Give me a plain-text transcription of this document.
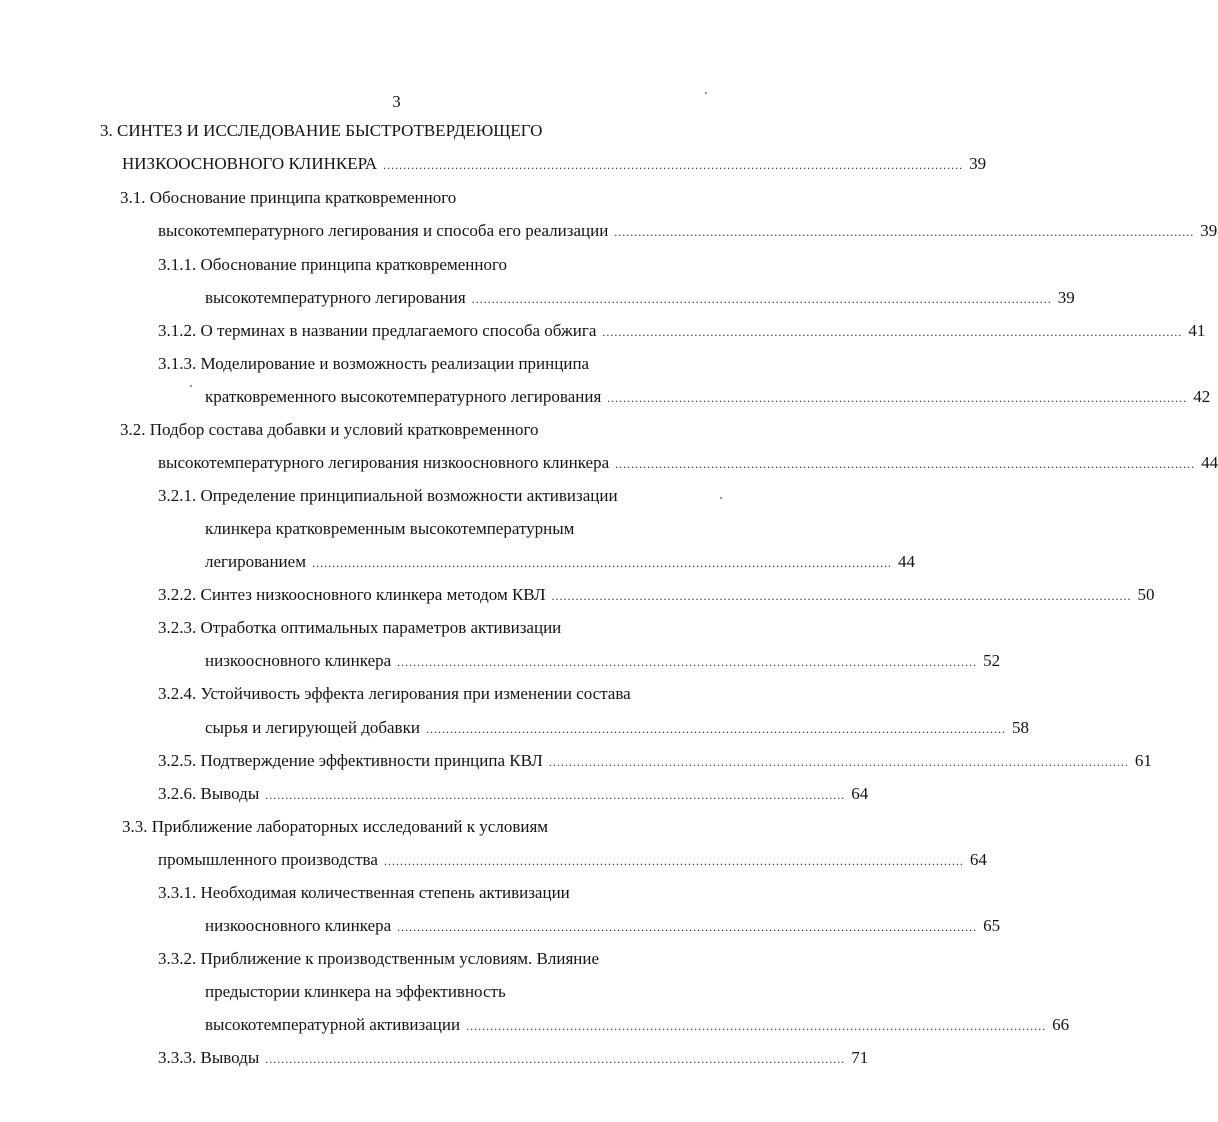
3
3. СИНТЕЗ И ИССЛЕДОВАНИЕ БЫСТРОТВЕРДЕЮЩЕГО
НИЗКООСНОВНОГО КЛИНКЕРА ................................................................................................................................................. 39
3.1. Обоснование принципа кратковременного
высокотемпературного легирования и способа его реализации ................................................................................................................................................. 39
3.1.1. Обоснование принципа кратковременного
высокотемпературного легирования ................................................................................................................................................. 39
3.1.2. О терминах в названии предлагаемого способа обжига ................................................................................................................................................. 41
3.1.3. Моделирование и возможность реализации принципа
кратковременного высокотемпературного легирования ................................................................................................................................................. 42
3.2. Подбор состава добавки и условий кратковременного
высокотемпературного легирования низкоосновного клинкера ................................................................................................................................................. 44
3.2.1. Определение принципиальной возможности активизации
клинкера кратковременным высокотемпературным
легированием ................................................................................................................................................. 44
3.2.2. Синтез низкоосновного клинкера методом КВЛ ................................................................................................................................................. 50
3.2.3. Отработка оптимальных параметров активизации
низкоосновного клинкера ................................................................................................................................................. 52
3.2.4. Устойчивость эффекта легирования при изменении состава
сырья и легирующей добавки ................................................................................................................................................. 58
3.2.5. Подтверждение эффективности принципа КВЛ ................................................................................................................................................. 61
3.2.6. Выводы ................................................................................................................................................. 64
3.3. Приближение лабораторных исследований к условиям
промышленного производства ................................................................................................................................................. 64
3.3.1. Необходимая количественная степень активизации
низкоосновного клинкера ................................................................................................................................................. 65
3.3.2. Приближение к производственным условиям. Влияние
предыстории клинкера на эффективность
высокотемпературной активизации ................................................................................................................................................. 66
3.3.3. Выводы ................................................................................................................................................. 71
